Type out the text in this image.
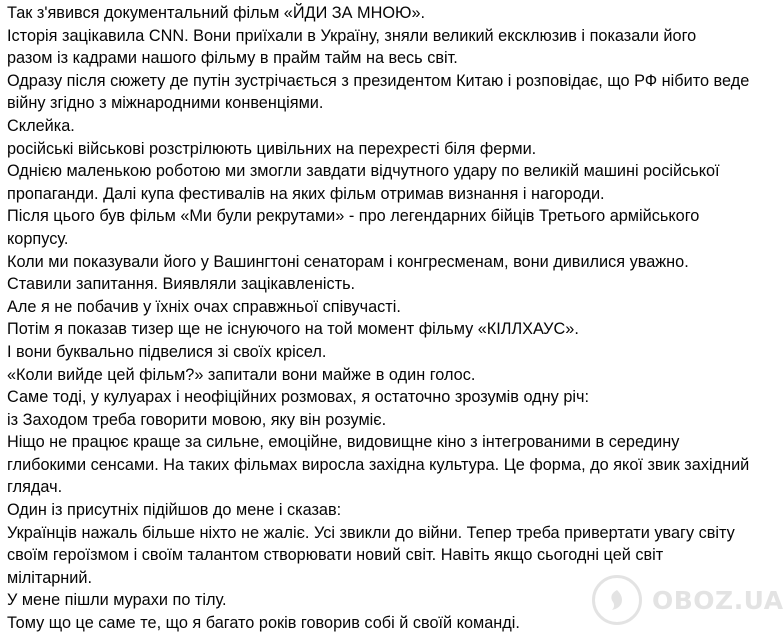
Так з'явився документальний фільм «ЙДИ ЗА МНОЮ».

Історія зацікавила CNN. Вони приїхали в Україну, зняли великий ексклюзив і показали його

разом із кадрами нашого фільму в прайм тайм на весь світ.

Одразу після сюжету де путін зустрічається з президентом Китаю і розповідає, що РФ нібито веде

війну згідно з міжнародними конвенціями.

Склейка.

російські військові розстрілюють цивільних на перехресті біля ферми.

Однією маленькою роботою ми змогли завдати відчутного удару по великій машині російської

пропаганди. Далі купа фестивалів на яких фільм отримав визнання і нагороди.

Після цього був фільм «Ми були рекрутами» - про легендарних бійців Третього армійського

корпусу.

Коли ми показували його у Вашингтоні сенаторам і конгресменам, вони дивилися уважно.

Ставили запитання. Виявляли зацікавленість.

Але я не побачив у їхніх очах справжньої співучасті.

Потім я показав тизер ще не існуючого на той момент фільму «КІЛЛХАУС».

І вони буквально підвелися зі своїх крісел.

«Коли вийде цей фільм?» запитали вони майже в один голос.

Саме тоді, у кулуарах і неофіційних розмовах, я остаточно зрозумів одну річ:

із Заходом треба говорити мовою, яку він розуміє.

Ніщо не працює краще за сильне, емоційне, видовищне кіно з інтегрованими в середину

глибокими сенсами. На таких фільмах виросла західна культура. Це форма, до якої звик західний

глядач.

Один із присутніх підійшов до мене і сказав:

Українців нажаль більше ніхто не жаліє. Усі звикли до війни. Тепер треба привертати увагу світу

своїм героїзмом і своїм талантом створювати новий світ. Навіть якщо сьогодні цей світ

мілітарний.

У мене пішли мурахи по тілу.

Тому що це саме те, що я багато років говорив собі й своїй команді.

OBOZ.UA
